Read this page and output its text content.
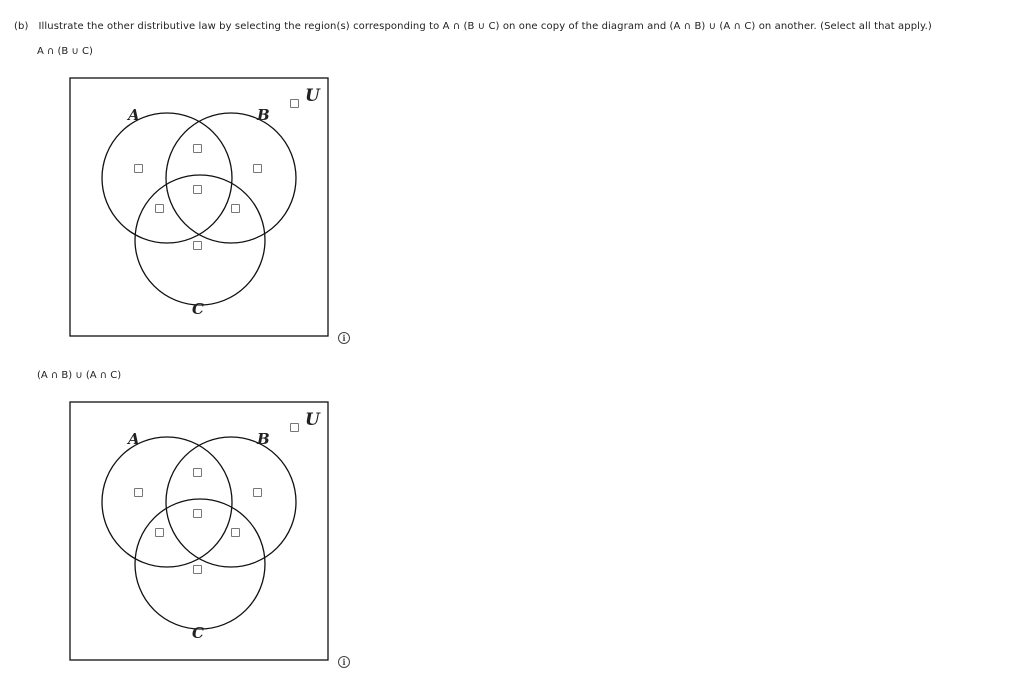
(b) Illustrate the other distributive law by selecting the region(s) corresponding to A ∩ (B ∪ C) on one copy of the diagram and (A ∩ B) ∪ (A ∩ C) on another. (Select all that apply.)
A ∩ (B ∪ C)
A	B
C
U
i
(A ∩ B) ∪ (A ∩ C)
A	B
C
U
i
